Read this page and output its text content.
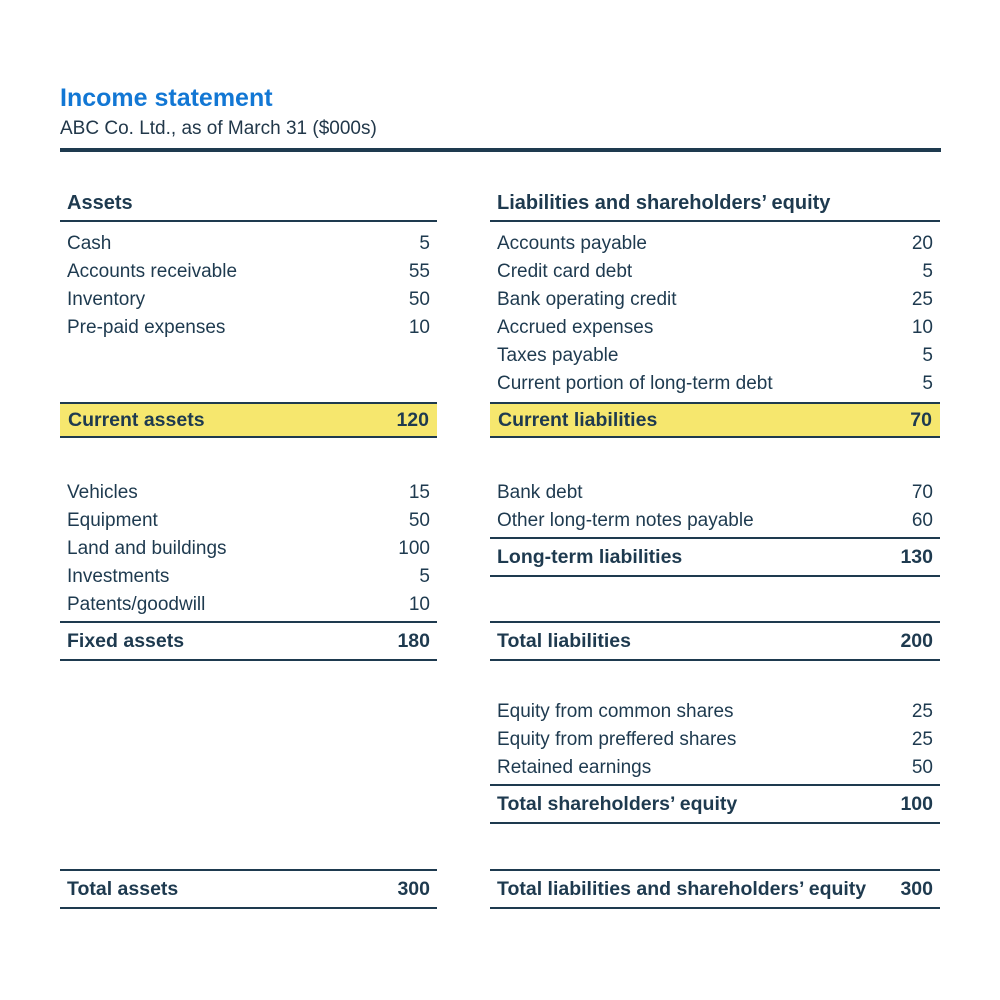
Income statement
ABC Co. Ltd., as of March 31 ($000s)
Assets
Cash	5
Accounts receivable	55
Inventory	50
Pre-paid expenses	10
Current assets	120
Vehicles	15
Equipment	50
Land and buildings	100
Investments	5
Patents/goodwill	10
Fixed assets	180
Total assets	300
Liabilities and shareholders’ equity
Accounts payable	20
Credit card debt	5
Bank operating credit	25
Accrued expenses	10
Taxes payable	5
Current portion of long-term debt	5
Current liabilities	70
Bank debt	70
Other long-term notes payable	60
Long-term liabilities	130
Total liabilities	200
Equity from common shares	25
Equity from preffered shares	25
Retained earnings	50
Total shareholders’ equity	100
Total liabilities and shareholders’ equity 300
